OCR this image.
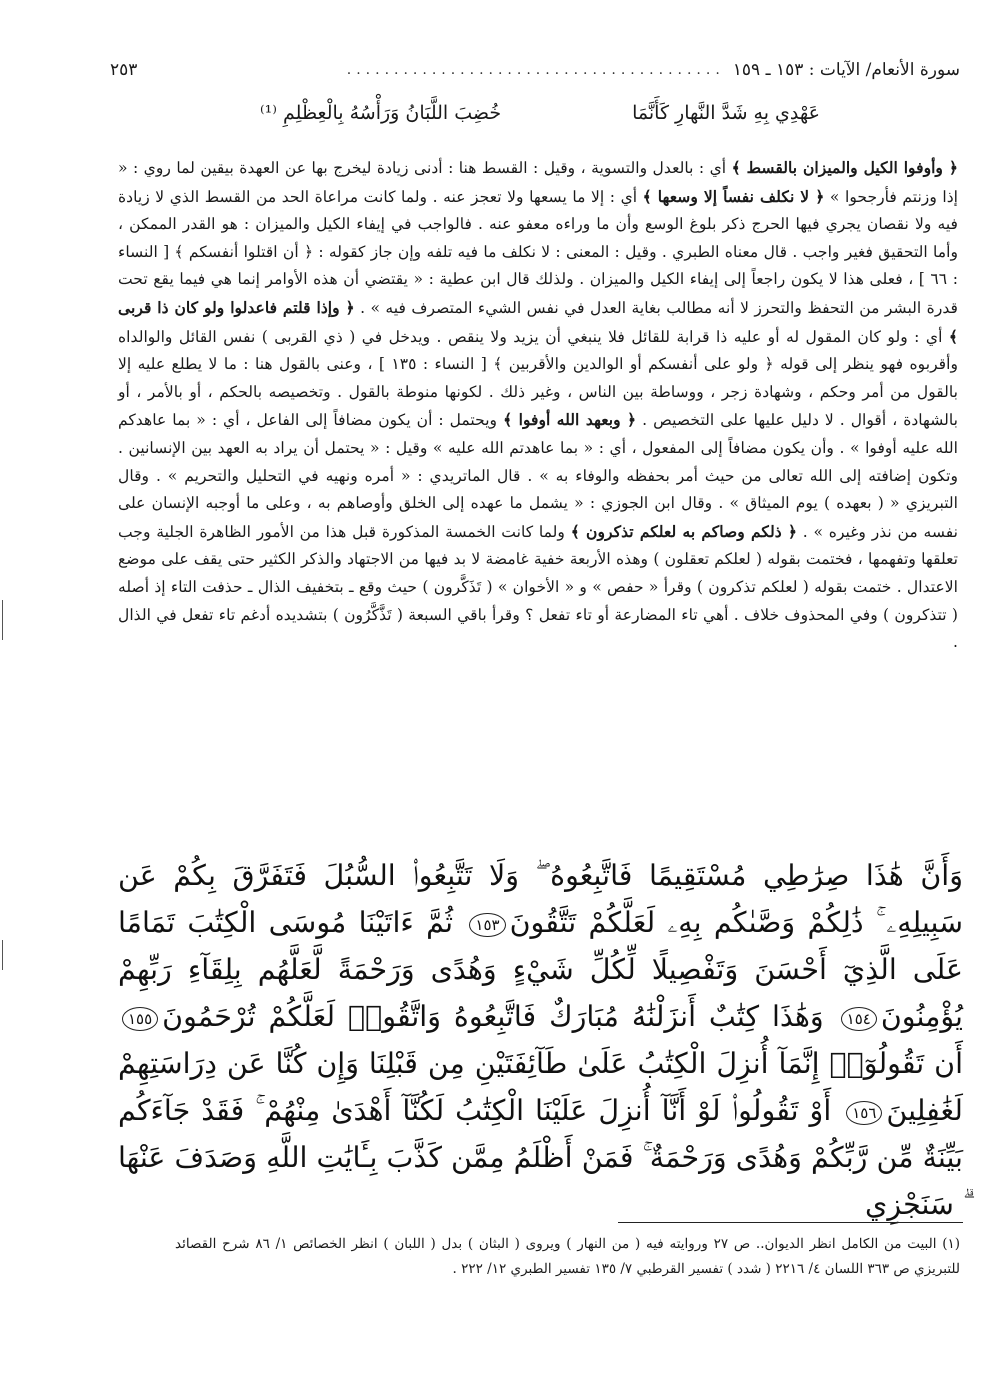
سورة الأنعام/ الآيات : ١٥٣ ـ ١٥٩
........................................
٢٥٣
عَهْدِي بِهِ شَدَّ النَّهارِ كَأَنَّمَا
خُضِبَ اللَّبَانُ وَرَأْسُهُ بِالْعِظْلِمِ ⁽¹⁾

﴿ وأوفوا الكيل والميزان بالقسط ﴾ أي : بالعدل والتسوية ، وقيل : القسط هنا : أدنى زيادة ليخرج بها عن العهدة بيقين لما روي : « إذا وزنتم فأرجحوا » ﴿ لا نكلف نفساً إلا وسعها ﴾ أي : إلا ما يسعها ولا تعجز عنه . ولما كانت مراعاة الحد من القسط الذي لا زيادة فيه ولا نقصان يجري فيها الحرج ذكر بلوغ الوسع وأن ما وراءه معفو عنه . فالواجب في إيفاء الكيل والميزان : هو القدر الممكن ، وأما التحقيق فغير واجب . قال معناه الطبري . وقيل : المعنى : لا نكلف ما فيه تلفه وإن جاز كقوله : ﴿ أن اقتلوا أنفسكم ﴾ [ النساء : ٦٦ ] ، فعلى هذا لا يكون راجعاً إلى إيفاء الكيل والميزان . ولذلك قال ابن عطية : « يقتضي أن هذه الأوامر إنما هي فيما يقع تحت قدرة البشر من التحفظ والتحرز لا أنه مطالب بغاية العدل في نفس الشيء المتصرف فيه » . ﴿ وإذا قلتم فاعدلوا ولو كان ذا قربى ﴾ أي : ولو كان المقول له أو عليه ذا قرابة للقائل فلا ينبغي أن يزيد ولا ينقص . ويدخل في ( ذي القربى ) نفس القائل والوالداه وأقربوه فهو ينظر إلى قوله ﴿ ولو على أنفسكم أو الوالدين والأقربين ﴾ [ النساء : ١٣٥ ] ، وعنى بالقول هنا : ما لا يطلع عليه إلا بالقول من أمر وحكم ، وشهادة زجر ، ووساطة بين الناس ، وغير ذلك . لكونها منوطة بالقول . وتخصيصه بالحكم ، أو بالأمر ، أو بالشهادة ، أقوال . لا دليل عليها على التخصيص . ﴿ وبعهد الله أوفوا ﴾ ويحتمل : أن يكون مضافاً إلى الفاعل ، أي : « بما عاهدكم الله عليه أوفوا » . وأن يكون مضافاً إلى المفعول ، أي : « بما عاهدتم الله عليه » وقيل : « يحتمل أن يراد به العهد بين الإنسانين . وتكون إضافته إلى الله تعالى من حيث أمر بحفظه والوفاء به » . قال الماتريدي : « أمره ونهيه في التحليل والتحريم » . وقال التبريزي « ( بعهده ) يوم الميثاق » . وقال ابن الجوزي : « يشمل ما عهده إلى الخلق وأوصاهم به ، وعلى ما أوجبه الإنسان على نفسه من نذر وغيره » . ﴿ ذلكم وصاكم به لعلكم تذكرون ﴾ ولما كانت الخمسة المذكورة قبل هذا من الأمور الظاهرة الجلية وجب تعلقها وتفهمها ، فختمت بقوله ( لعلكم تعقلون ) وهذه الأربعة خفية غامضة لا بد فيها من الاجتهاد والذكر الكثير حتى يقف على موضع الاعتدال . ختمت بقوله ( لعلكم تذكرون ) وقرأ « حفص » و « الأخوان » ( تَذَكَّرون ) حيث وقع ـ بتخفيف الذال ـ حذفت التاء إذ أصله ( تتذكرون ) وفي المحذوف خلاف . أهي تاء المضارعة أو تاء تفعل ؟ وقرأ باقي السبعة ( تَذَّكَّرُون ) بتشديده أدغم تاء تفعل في الذال .

وَأَنَّ هَٰذَا صِرَٰطِي مُسْتَقِيمًا فَاتَّبِعُوهُ ۖ وَلَا تَتَّبِعُوا۟ السُّبُلَ فَتَفَرَّقَ بِكُمْ عَن سَبِيلِهِۦ ۚ ذَٰلِكُمْ وَصَّىٰكُم بِهِۦ لَعَلَّكُمْ تَتَّقُونَ١٥٣ ثُمَّ ءَاتَيْنَا مُوسَى الْكِتَٰبَ تَمَامًا عَلَى الَّذِيٓ أَحْسَنَ وَتَفْصِيلًا لِّكُلِّ شَيْءٍ وَهُدًى وَرَحْمَةً لَّعَلَّهُم بِلِقَآءِ رَبِّهِمْ يُؤْمِنُونَ١٥٤ وَهَٰذَا كِتَٰبٌ أَنزَلْنَٰهُ مُبَارَكٌ فَاتَّبِعُوهُ وَاتَّقُوا۟ لَعَلَّكُمْ تُرْحَمُونَ١٥٥ أَن تَقُولُوٓا۟ إِنَّمَآ أُنزِلَ الْكِتَٰبُ عَلَىٰ طَآئِفَتَيْنِ مِن قَبْلِنَا وَإِن كُنَّا عَن دِرَاسَتِهِمْ لَغَٰفِلِينَ١٥٦ أَوْ تَقُولُوا۟ لَوْ أَنَّآ أُنزِلَ عَلَيْنَا الْكِتَٰبُ لَكُنَّآ أَهْدَىٰ مِنْهُمْ ۚ فَقَدْ جَآءَكُم بَيِّنَةٌ مِّن رَّبِّكُمْ وَهُدًى وَرَحْمَةٌ ۚ فَمَنْ أَظْلَمُ مِمَّن كَذَّبَ بِـَٔايَٰتِ اللَّهِ وَصَدَفَ عَنْهَا ۗ سَنَجْزِي

(١) البيت من الكامل انظر الديوان.. ص ٢٧ وروايته فيه ( من النهار ) ويروى ( البثان ) بدل ( اللبان ) انظر الخصائص ١/ ٨٦ شرح القصائد للتبريزي ص ٣٦٣ اللسان ٤/ ٢٢١٦ ( شدد ) تفسير القرطبي ٧/ ١٣٥ تفسير الطبري ١٢/ ٢٢٢ .
